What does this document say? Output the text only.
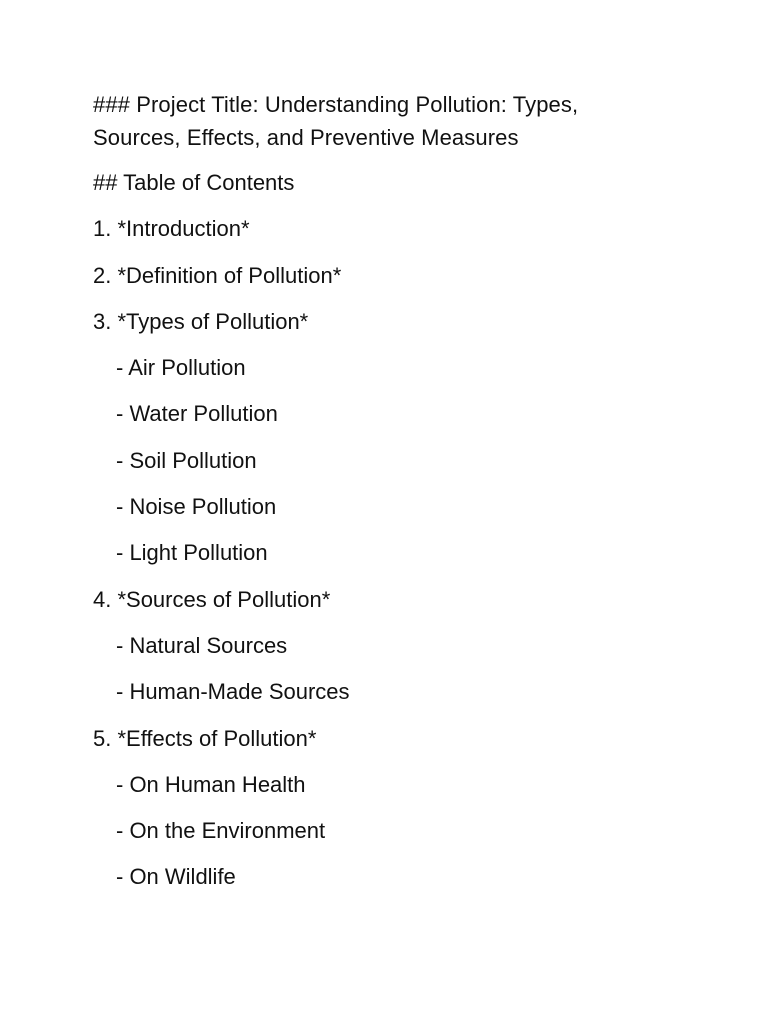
### Project Title: Understanding Pollution: Types, Sources, Effects, and Preventive Measures

## Table of Contents

1. *Introduction*
2. *Definition of Pollution*
3. *Types of Pollution*
- Air Pollution
- Water Pollution
- Soil Pollution
- Noise Pollution
- Light Pollution
4. *Sources of Pollution*
- Natural Sources
- Human-Made Sources
5. *Effects of Pollution*
- On Human Health
- On the Environment
- On Wildlife
